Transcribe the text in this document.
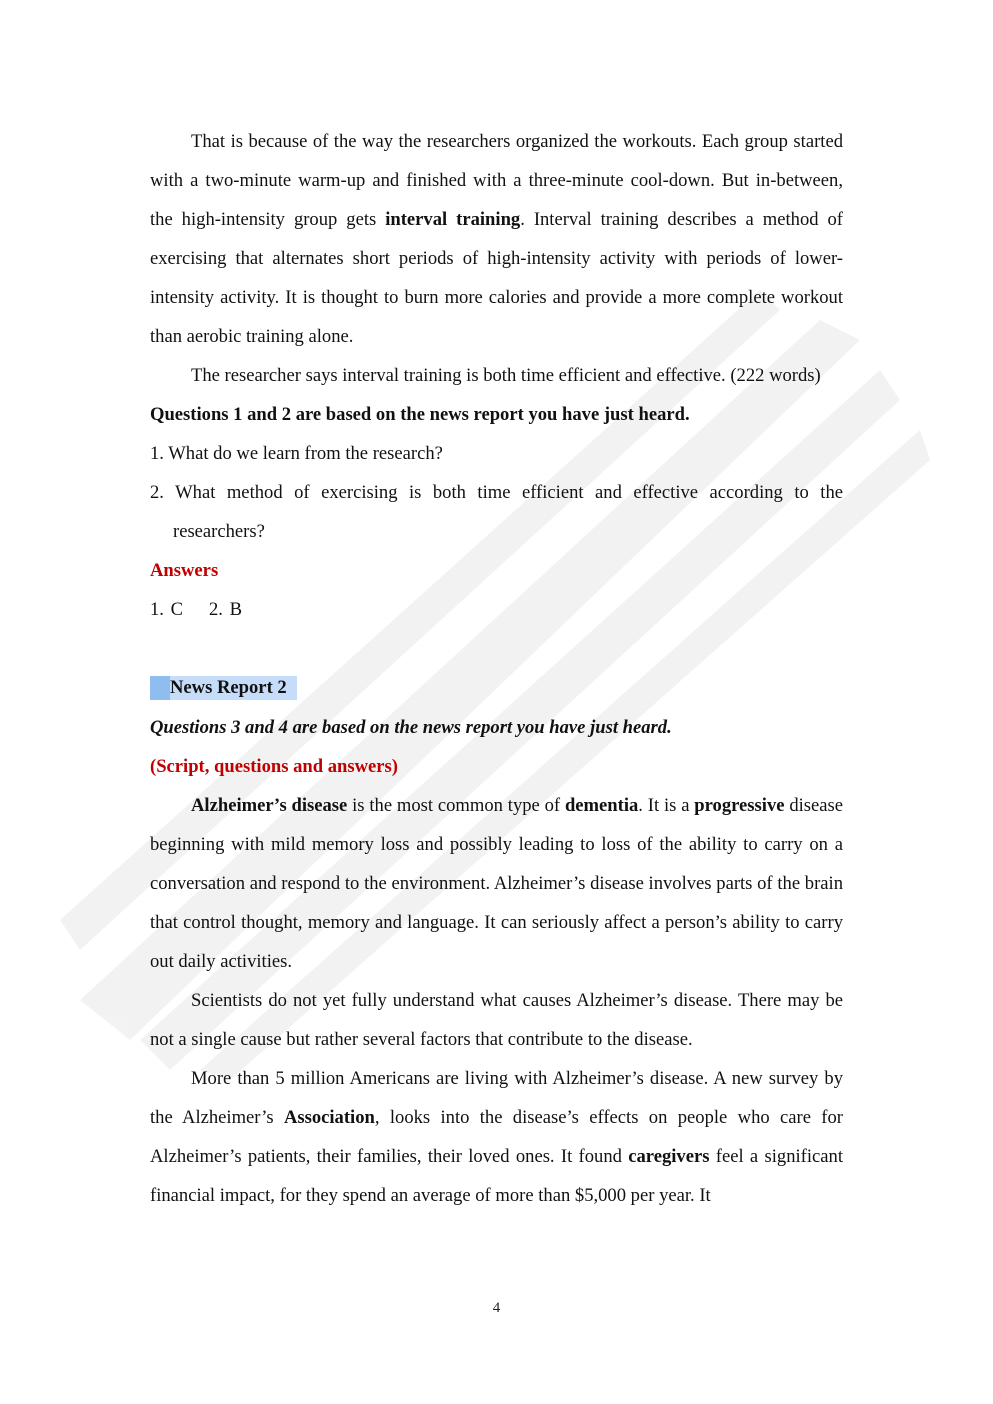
That is because of the way the researchers organized the workouts. Each group started with a two-minute warm-up and finished with a three-minute cool-down. But in-between, the high-intensity group gets interval training. Interval training describes a method of exercising that alternates short periods of high-intensity activity with periods of lower-intensity activity. It is thought to burn more calories and provide a more complete workout than aerobic training alone.

The researcher says interval training is both time efficient and effective. (222 words)

Questions 1 and 2 are based on the news report you have just heard.

1. What do we learn from the research?

2. What method of exercising is both time efficient and effective according to the researchers?

Answers

1. C 2. B

News Report 2

Questions 3 and 4 are based on the news report you have just heard.

(Script, questions and answers)

Alzheimer’s disease is the most common type of dementia. It is a progressive disease beginning with mild memory loss and possibly leading to loss of the ability to carry on a conversation and respond to the environment. Alzheimer’s disease involves parts of the brain that control thought, memory and language. It can seriously affect a person’s ability to carry out daily activities.

Scientists do not yet fully understand what causes Alzheimer’s disease. There may be not a single cause but rather several factors that contribute to the disease.

More than 5 million Americans are living with Alzheimer’s disease. A new survey by the Alzheimer’s Association, looks into the disease’s effects on people who care for Alzheimer’s patients, their families, their loved ones. It found caregivers feel a significant financial impact, for they spend an average of more than $5,000 per year. It

4
